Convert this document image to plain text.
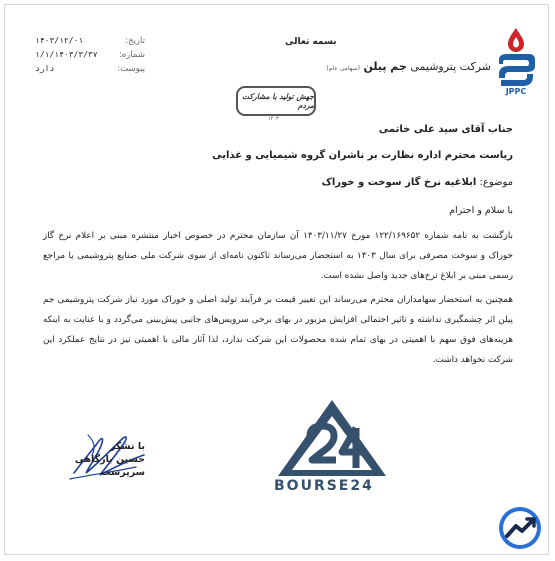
JPPC
شرکت پتروشیمی جم پیلن (سهامی عام)
بسمه تعالی
تاریخ:
۱۴۰۳/۱۲/۰۱
شماره:
۱/۱/۱۴۰۳/۳/۳۷
پیوست:
دارد
جهش تولید با مشارکت مردم
۱۴۰۳
جناب آقای سید علی خاتمی
ریاست محترم اداره نظارت بر ناشران گروه شیمیایی و غذایی
موضوع: ابلاغیه نرخ گاز سوخت و خوراک
با سلام و احترام
بازگشت به نامه شماره ۱۲۲/۱۶۹۶۵۲ مورخ ۱۴۰۳/۱۱/۲۷ آن سازمان محترم در خصوص اخبار منتشره مبنی بر اعلام نرخ گاز خوراک و سوخت مصرفی برای سال ۱۴۰۳ به استحضار می‌رساند تاکنون نامه‌ای از سوی شرکت ملی صنایع پتروشیمی یا مراجع رسمی مبنی بر ابلاغ نرخ‌های جدید واصل نشده است.
همچنین به استحضار سهامداران محترم می‌رساند این تغییر قیمت بر فرآیند تولید اصلی و خوراک مورد نیاز شرکت پتروشیمی جم پیلن اثر چشمگیری نداشته و تاثیر احتمالی افزایش مزبور در بهای برخی سرویس‌های جانبی پیش‌بینی می‌گردد و با عنایت به اینکه هزینه‌های فوق سهم با اهمیتی در بهای تمام شده محصولات این شرکت ندارد، لذا آثار مالی با اهمیتی نیز در نتایج عملکرد این شرکت نخواهد داشت.
با تشکر
حسین بارگاهی
سرپرست
BOURSE24
